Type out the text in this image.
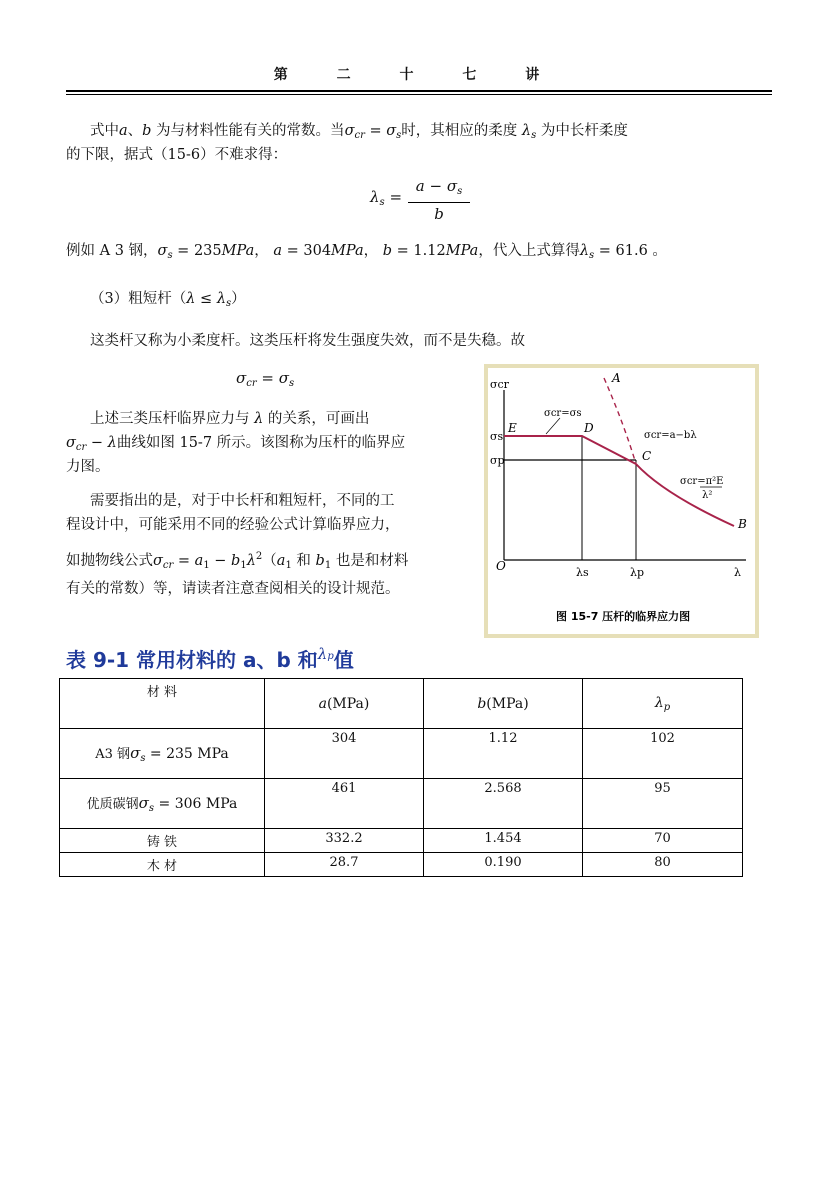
第 二 十 七 讲
式中a、b 为与材料性能有关的常数。当$\sigma_{cr} = \sigma_s$时，其相应的柔度 $\lambda_s$ 为中长杆柔度
的下限，据式（15-6）不难求得：
$\lambda_s$ =
$a - \sigma_s$
b
例如 A 3 钢，$\sigma_s = 235MPa$， a = 304MPa， b = 1.12MPa，代入上式算得$\lambda_s = 61.6$ 。
（3）粗短杆$(\lambda \le \lambda_s)$
这类杆又称为小柔度杆。这类压杆将发生强度失效，而不是失稳。故
$\sigma_{cr} = \sigma_s$
上述三类压杆临界应力与 λ 的关系，可画出
$\sigma_{cr} - \lambda$曲线如图 15-7 所示。该图称为压杆的临界应
力图。
需要指出的是，对于中长杆和粗短杆，不同的工
程设计中，可能采用不同的经验公式计算临界应力，
如抛物线公式$\sigma_{cr} = a_1 - b_1\lambda^2(a_1$ 和 $b_1$ 也是和材料
有关的常数）等，请读者注意查阅相关的设计规范。
σcr
σs
σp
E	D
C
A
B
O	λs	λp	λ
σcr=σs
σcr=a−bλ
σcr=π²E
λ²
图 15-7 压杆的临界应力图
表 9-1 常用材料的 a、b 和$^{\lambda p}$值
材 料	a(MPa)	b(MPa)	$\lambda_p$
A3 钢$\sigma_s = 235$ MPa	304	1.12	102
优质碳钢$\sigma_s = 306$ MPa	461	2.568	95
铸 铁	332.2	1.454	70
木 材	28.7	0.190	80
